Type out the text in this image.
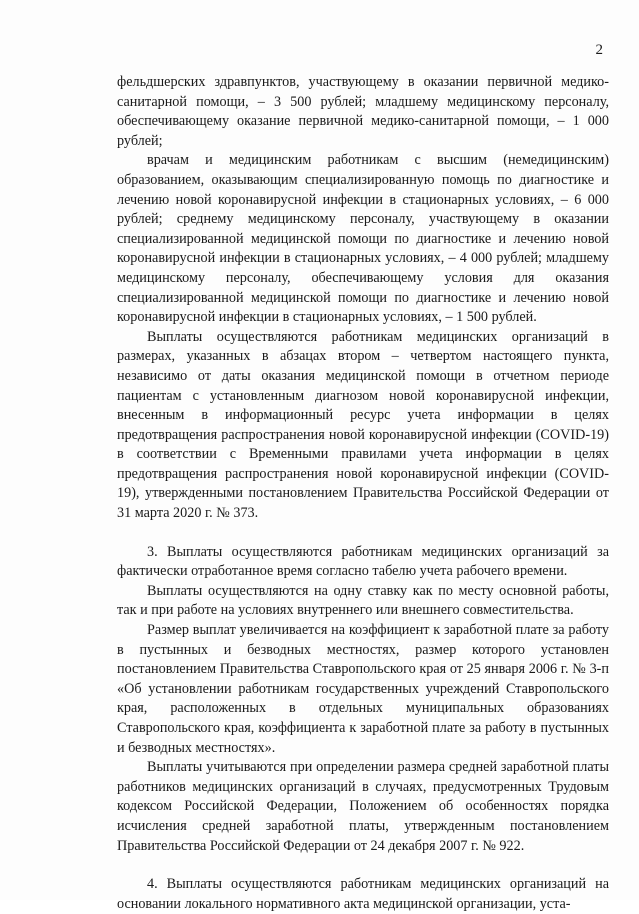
2

фельдшерских здравпунктов, участвующему в оказании первичной медико-санитарной помощи, – 3 500 рублей; младшему медицинскому персоналу, обеспечивающему оказание первичной медико-санитарной помощи, – 1 000 рублей;

врачам и медицинским работникам с высшим (немедицинским) образованием, оказывающим специализированную помощь по диагностике и лечению новой коронавирусной инфекции в стационарных условиях, – 6 000 рублей; среднему медицинскому персоналу, участвующему в оказании специализированной медицинской помощи по диагностике и лечению новой коронавирусной инфекции в стационарных условиях, – 4 000 рублей; младшему медицинскому персоналу, обеспечивающему условия для оказания специализированной медицинской помощи по диагностике и лечению новой коронавирусной инфекции в стационарных условиях, – 1 500 рублей.

Выплаты осуществляются работникам медицинских организаций в размерах, указанных в абзацах втором – четвертом настоящего пункта, независимо от даты оказания медицинской помощи в отчетном периоде пациентам с установленным диагнозом новой коронавирусной инфекции, внесенным в информационный ресурс учета информации в целях предотвращения распространения новой коронавирусной инфекции (COVID-19) в соответствии с Временными правилами учета информации в целях предотвращения распространения новой коронавирусной инфекции (COVID-19), утвержденными постановлением Правительства Российской Федерации от 31 марта 2020 г. № 373.

3. Выплаты осуществляются работникам медицинских организаций за фактически отработанное время согласно табелю учета рабочего времени.

Выплаты осуществляются на одну ставку как по месту основной работы, так и при работе на условиях внутреннего или внешнего совместительства.

Размер выплат увеличивается на коэффициент к заработной плате за работу в пустынных и безводных местностях, размер которого установлен постановлением Правительства Ставропольского края от 25 января 2006 г. № 3-п «Об установлении работникам государственных учреждений Ставропольского края, расположенных в отдельных муниципальных образованиях Ставропольского края, коэффициента к заработной плате за работу в пустынных и безводных местностях».

Выплаты учитываются при определении размера средней заработной платы работников медицинских организаций в случаях, предусмотренных Трудовым кодексом Российской Федерации, Положением об особенностях порядка исчисления средней заработной платы, утвержденным постановлением Правительства Российской Федерации от 24 декабря 2007 г. № 922.

4. Выплаты осуществляются работникам медицинских организаций на основании локального нормативного акта медицинской организации, уста-
